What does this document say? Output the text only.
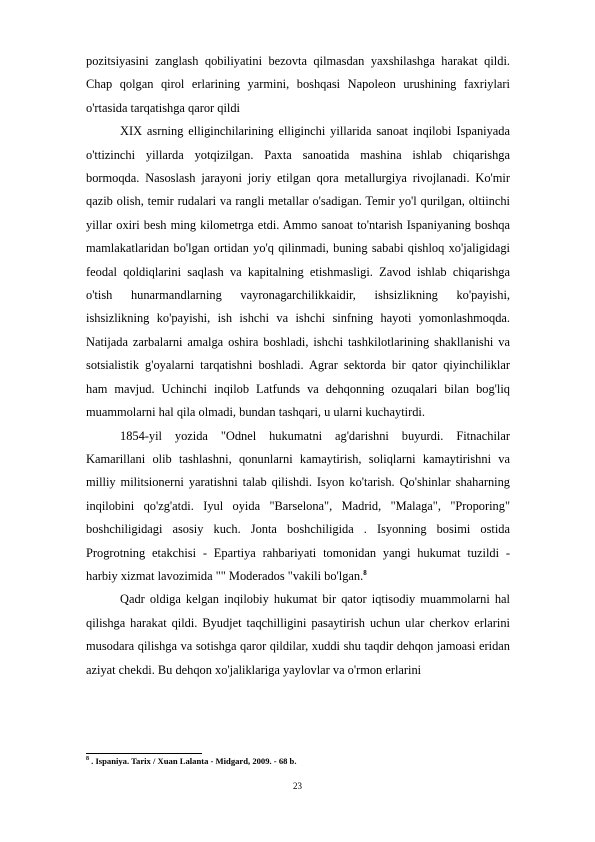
pozitsiyasini zanglash qobiliyatini bezovta qilmasdan yaxshilashga harakat qildi. Chap qolgan qirol erlarining yarmini, boshqasi Napoleon urushining faxriylari o'rtasida tarqatishga qaror qildi

XIX asrning elliginchilarining elliginchi yillarida sanoat inqilobi Ispaniyada o'ttizinchi yillarda yotqizilgan. Paxta sanoatida mashina ishlab chiqarishga bormoqda. Nasoslash jarayoni joriy etilgan qora metallurgiya rivojlanadi. Ko'mir qazib olish, temir rudalari va rangli metallar o'sadigan. Temir yo'l qurilgan, oltiinchi yillar oxiri besh ming kilometrga etdi. Ammo sanoat to'ntarish Ispaniyaning boshqa mamlakatlaridan bo'lgan ortidan yo'q qilinmadi, buning sababi qishloq xo'jaligidagi feodal qoldiqlarini saqlash va kapitalning etishmasligi. Zavod ishlab chiqarishga o'tish hunarmandlarning vayronagarchilikkaidir, ishsizlikning ko'payishi, ishsizlikning ko'payishi, ish ishchi va ishchi sinfning hayoti yomonlashmoqda. Natijada zarbalarni amalga oshira boshladi, ishchi tashkilotlarining shakllanishi va sotsialistik g'oyalarni tarqatishni boshladi. Agrar sektorda bir qator qiyinchiliklar ham mavjud. Uchinchi inqilob Latfunds va dehqonning ozuqalari bilan bog'liq muammolarni hal qila olmadi, bundan tashqari, u ularni kuchaytirdi.

1854-yil yozida "Odnel hukumatni ag'darishni buyurdi. Fitnachilar Kamarillani olib tashlashni, qonunlarni kamaytirish, soliqlarni kamaytirishni va milliy militsionerni yaratishni talab qilishdi. Isyon ko'tarish. Qo'shinlar shaharning inqilobini qo'zg'atdi. Iyul oyida "Barselona", Madrid, "Malaga", "Proporing" boshchiligidagi asosiy kuch. Jonta boshchiligida . Isyonning bosimi ostida Progrotning etakchisi - Epartiya rahbariyati tomonidan yangi hukumat tuzildi - harbiy xizmat lavozimida "" Moderados "vakili bo'lgan.$^8$

Qadr oldiga kelgan inqilobiy hukumat bir qator iqtisodiy muammolarni hal qilishga harakat qildi. Byudjet taqchilligini pasaytirish uchun ular cherkov erlarini musodara qilishga va sotishga qaror qildilar, xuddi shu taqdir dehqon jamoasi eridan aziyat chekdi. Bu dehqon xo'jaliklariga yaylovlar va o'rmon erlarini

$^8$ . Ispaniya. Tarix / Xuan Lalanta - Midgard, 2009. - 68 b.
23
